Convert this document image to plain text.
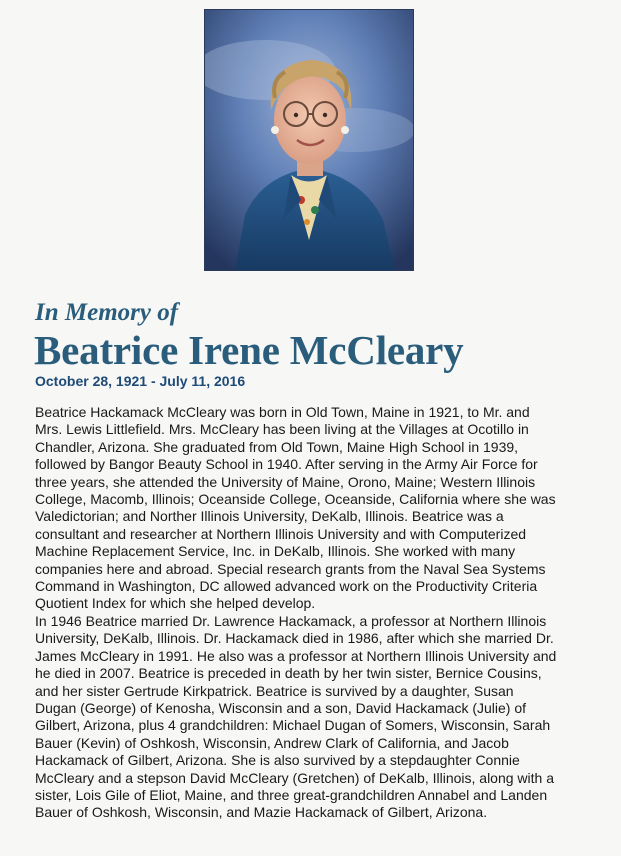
In Memory of
Beatrice Irene McCleary
October 28, 1921 - July 11, 2016

Beatrice Hackamack McCleary was born in Old Town, Maine in 1921, to Mr. and
Mrs. Lewis Littlefield. Mrs. McCleary has been living at the Villages at Ocotillo in
Chandler, Arizona. She graduated from Old Town, Maine High School in 1939,
followed by Bangor Beauty School in 1940. After serving in the Army Air Force for
three years, she attended the University of Maine, Orono, Maine; Western Illinois
College, Macomb, Illinois; Oceanside College, Oceanside, California where she was
Valedictorian; and Norther Illinois University, DeKalb, Illinois. Beatrice was a
consultant and researcher at Northern Illinois University and with Computerized
Machine Replacement Service, Inc. in DeKalb, Illinois. She worked with many
companies here and abroad. Special research grants from the Naval Sea Systems
Command in Washington, DC allowed advanced work on the Productivity Criteria
Quotient Index for which she helped develop.

In 1946 Beatrice married Dr. Lawrence Hackamack, a professor at Northern Illinois
University, DeKalb, Illinois. Dr. Hackamack died in 1986, after which she married Dr.
James McCleary in 1991. He also was a professor at Northern Illinois University and
he died in 2007. Beatrice is preceded in death by her twin sister, Bernice Cousins,
and her sister Gertrude Kirkpatrick. Beatrice is survived by a daughter, Susan
Dugan (George) of Kenosha, Wisconsin and a son, David Hackamack (Julie) of
Gilbert, Arizona, plus 4 grandchildren: Michael Dugan of Somers, Wisconsin, Sarah
Bauer (Kevin) of Oshkosh, Wisconsin, Andrew Clark of California, and Jacob
Hackamack of Gilbert, Arizona. She is also survived by a stepdaughter Connie
McCleary and a stepson David McCleary (Gretchen) of DeKalb, Illinois, along with a
sister, Lois Gile of Eliot, Maine, and three great-grandchildren Annabel and Landen
Bauer of Oshkosh, Wisconsin, and Mazie Hackamack of Gilbert, Arizona.
